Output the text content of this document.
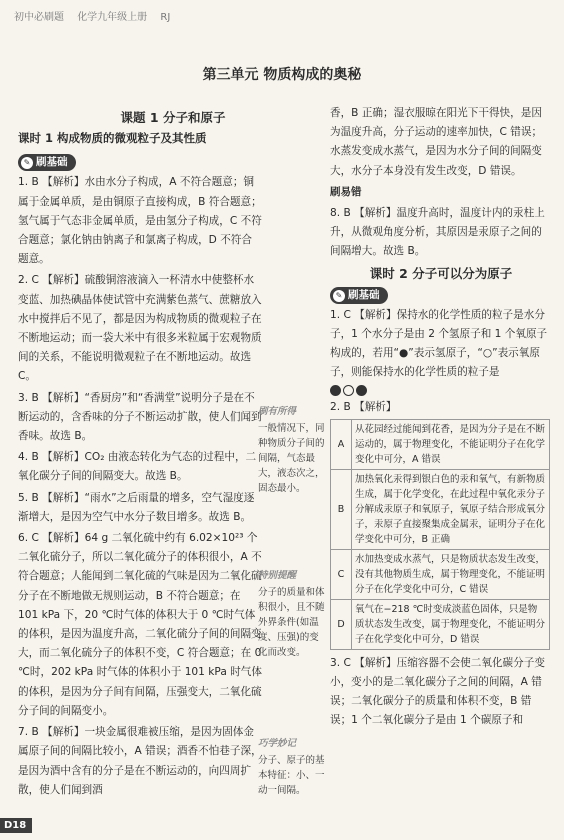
初中必刷题 化学九年级上册 RJ
第三单元 物质构成的奥秘
课题 1 分子和原子
课时 1 构成物质的微观粒子及其性质
✎ 刷基础

1. B 【解析】水由水分子构成，A 不符合题意；铜属于金属单质，是由铜原子直接构成，B 符合题意；氢气属于气态非金属单质，是由氢分子构成，C 不符合题意；氯化钠由钠离子和氯离子构成，D 不符合题意。

2. C 【解析】硫酸铜溶液滴入一杯清水中使整杯水变蓝、加热碘晶体使试管中充满紫色蒸气、蔗糖放入水中搅拌后不见了，都是因为构成物质的微观粒子在不断地运动；而一袋大米中有很多米粒属于宏观物质间的关系，不能说明微观粒子在不断地运动。故选 C。

3. B 【解析】“香厨房”和“香满堂”说明分子是在不断运动的，含香味的分子不断运动扩散，使人们闻到香味。故选 B。

4. B 【解析】CO₂ 由液态转化为气态的过程中，二氧化碳分子间的间隔变大。故选 B。

5. B 【解析】“雨水”之后雨量的增多，空气湿度逐渐增大，是因为空气中水分子数目增多。故选 B。

6. C 【解析】64 g 二氧化硫中约有 6.02×10²³ 个二氧化硫分子，所以二氧化硫分子的体积很小，A 不符合题意；人能闻到二氧化硫的气味是因为二氧化硫分子在不断地做无规则运动，B 不符合题意；在 101 kPa 下，20 ℃时气体的体积大于 0 ℃时气体的体积，是因为温度升高，二氧化硫分子间的间隔变大，而二氧化硫分子的体积不变，C 符合题意；在 0 ℃时，202 kPa 时气体的体积小于 101 kPa 时气体的体积，是因为分子间有间隔，压强变大，二氧化硫分子间的间隔变小。

7. B 【解析】一块金属很难被压缩，是因为固体金属原子间的间隔比较小，A 错误；酒香不怕巷子深，是因为酒中含有的分子是在不断运动的，向四周扩散，使人们闻到酒

刷有所得
一般情况下，同种物质分子间的间隔，气态最大，液态次之，固态最小。
特别提醒
分子的质量和体积很小，且不随外界条件(如温度、压强)的变化而改变。
巧学妙记
分子、原子的基本特征：小、一动一间隔。

香，B 正确；湿衣服晾在阳光下干得快，是因为温度升高，分子运动的速率加快，C 错误；水蒸发变成水蒸气，是因为水分子间的间隔变大，水分子本身没有发生改变，D 错误。

刷易错

8. B 【解析】温度升高时，温度计内的汞柱上升，从微观角度分析，其原因是汞原子之间的间隔增大。故选 B。

课时 2 分子可以分为原子
✎ 刷基础

1. C 【解析】保持水的化学性质的粒子是水分子，1 个水分子是由 2 个氢原子和 1 个氧原子构成的，若用“●”表示氢原子，“○”表示氧原子，则能保持水的化学性质的粒子是

2. B 【解析】

A	从花园经过能闻到花香，是因为分子是在不断运动的，属于物理变化，不能证明分子在化学变化中可分，A 错误
B	加热氧化汞得到银白色的汞和氧气，有新物质生成，属于化学变化，在此过程中氧化汞分子分解成汞原子和氧原子，氧原子结合形成氧分子，汞原子直接聚集成金属汞，证明分子在化学变化中可分，B 正确
C	水加热变成水蒸气，只是物质状态发生改变，没有其他物质生成，属于物理变化，不能证明分子在化学变化中可分，C 错误
D	氧气在−218 ℃时变成淡蓝色固体，只是物质状态发生改变，属于物理变化，不能证明分子在化学变化中可分，D 错误

3. C 【解析】压缩容器不会使二氧化碳分子变小，变小的是二氧化碳分子之间的间隔，A 错误；二氧化碳分子的质量和体积不变，B 错误；1 个二氧化碳分子是由 1 个碳原子和

D18
